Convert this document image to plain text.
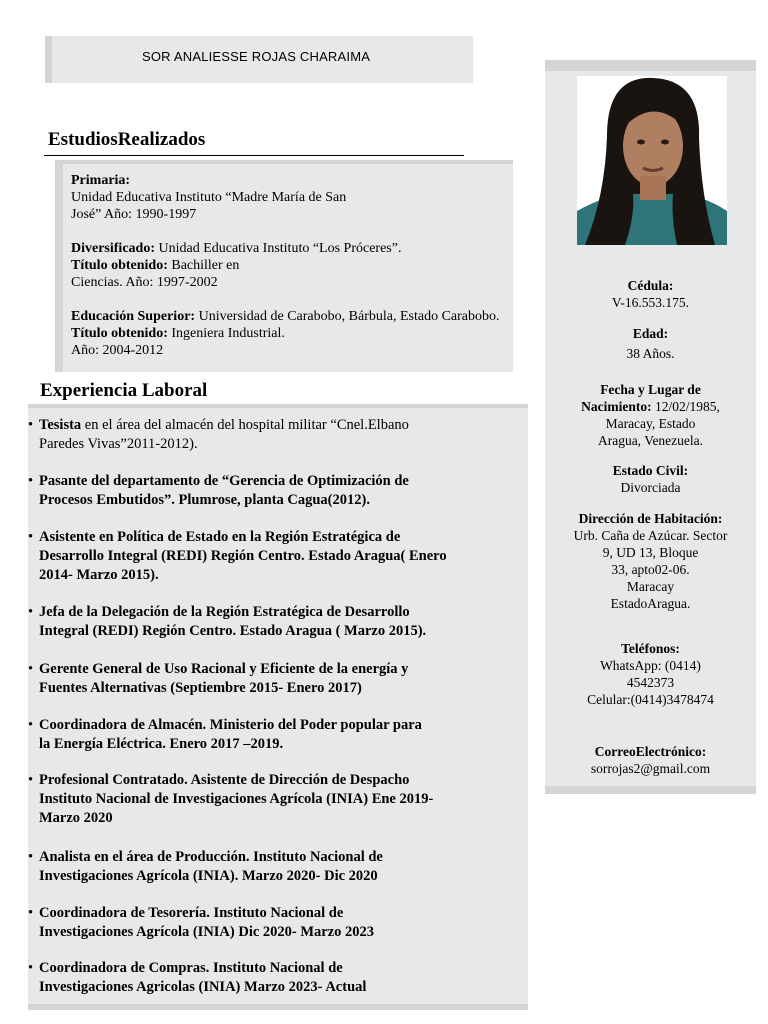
SOR ANALIESSE ROJAS CHARAIMA
EstudiosRealizados

Primaria:
Unidad Educativa Instituto “Madre María de San
José” Año: 1990-1997

Diversificado: Unidad Educativa Instituto “Los Próceres”.
Título obtenido: Bachiller en
Ciencias. Año: 1997-2002

Educación Superior: Universidad de Carabobo, Bárbula, Estado Carabobo.
Título obtenido: Ingeniera Industrial.
Año: 2004-2012

Experiencia Laboral
• Tesista en el área del almacén del hospital militar “Cnel.Elbano
Paredes Vivas”2011-2012).
• Pasante del departamento de “Gerencia de Optimización de
Procesos Embutidos”. Plumrose, planta Cagua(2012).
• Asistente en Política de Estado en la Región Estratégica de
Desarrollo Integral (REDI) Región Centro. Estado Aragua( Enero
2014- Marzo 2015).
• Jefa de la Delegación de la Región Estratégica de Desarrollo
Integral (REDI) Región Centro. Estado Aragua ( Marzo 2015).
• Gerente General de Uso Racional y Eficiente de la energía y
Fuentes Alternativas (Septiembre 2015- Enero 2017)
• Coordinadora de Almacén. Ministerio del Poder popular para
la Energía Eléctrica. Enero 2017 –2019.
• Profesional Contratado. Asistente de Dirección de Despacho
Instituto Nacional de Investigaciones Agrícola (INIA) Ene 2019-
Marzo 2020
• Analista en el área de Producción. Instituto Nacional de
Investigaciones Agrícola (INIA). Marzo 2020- Dic 2020
• Coordinadora de Tesorería. Instituto Nacional de
Investigaciones Agrícola (INIA) Dic 2020- Marzo 2023
• Coordinadora de Compras. Instituto Nacional de
Investigaciones Agricolas (INIA) Marzo 2023- Actual
Cédula:
V-16.553.175.
Edad:
38 Años.
Fecha y Lugar de
Nacimiento: 12/02/1985,
Maracay, Estado
Aragua, Venezuela.
Estado Civil:
Divorciada
Dirección de Habitación:
Urb. Caña de Azúcar. Sector
9, UD 13, Bloque
33, apto02-06.
Maracay
EstadoAragua.
Teléfonos:
WhatsApp: (0414)
4542373
Celular:(0414)3478474
CorreoElectrónico:
sorrojas2@gmail.com
